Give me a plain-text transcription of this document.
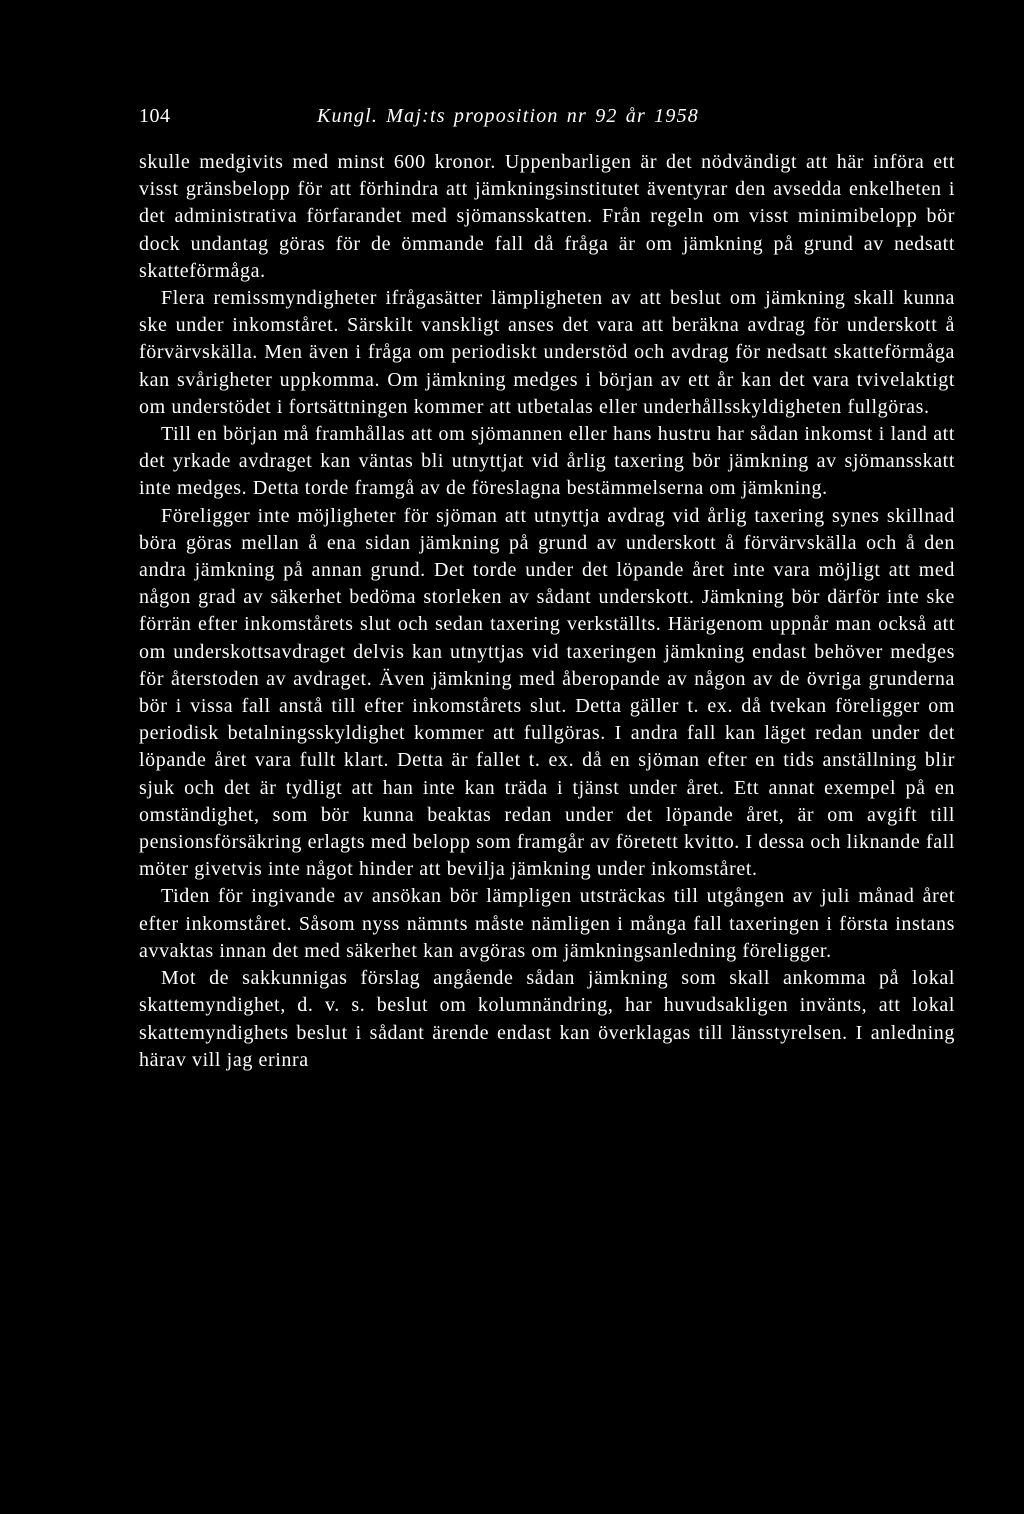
104	Kungl. Maj:ts proposition nr 92 år 1958

skulle medgivits med minst 600 kronor. Uppenbarligen är det nödvändigt att här införa ett visst gränsbelopp för att förhindra att jämkningsinstitutet äventyrar den avsedda enkelheten i det administrativa förfarandet med sjömansskatten. Från regeln om visst minimibelopp bör dock undantag göras för de ömmande fall då fråga är om jämkning på grund av nedsatt skatteförmåga.

Flera remissmyndigheter ifrågasätter lämpligheten av att beslut om jämkning skall kunna ske under inkomståret. Särskilt vanskligt anses det vara att beräkna avdrag för underskott å förvärvskälla. Men även i fråga om periodiskt understöd och avdrag för nedsatt skatteförmåga kan svårigheter uppkomma. Om jämkning medges i början av ett år kan det vara tvivelaktigt om understödet i fortsättningen kommer att utbetalas eller underhållsskyldigheten fullgöras.

Till en början må framhållas att om sjömannen eller hans hustru har sådan inkomst i land att det yrkade avdraget kan väntas bli utnyttjat vid årlig taxering bör jämkning av sjömansskatt inte medges. Detta torde framgå av de föreslagna bestämmelserna om jämkning.

Föreligger inte möjligheter för sjöman att utnyttja avdrag vid årlig taxering synes skillnad böra göras mellan å ena sidan jämkning på grund av underskott å förvärvskälla och å den andra jämkning på annan grund. Det torde under det löpande året inte vara möjligt att med någon grad av säkerhet bedöma storleken av sådant underskott. Jämkning bör därför inte ske förrän efter inkomstårets slut och sedan taxering verkställts. Härigenom uppnår man också att om underskottsavdraget delvis kan utnyttjas vid taxeringen jämkning endast behöver medges för återstoden av avdraget. Även jämkning med åberopande av någon av de övriga grunderna bör i vissa fall anstå till efter inkomstårets slut. Detta gäller t. ex. då tvekan föreligger om periodisk betalningsskyldighet kommer att fullgöras. I andra fall kan läget redan under det löpande året vara fullt klart. Detta är fallet t. ex. då en sjöman efter en tids anställning blir sjuk och det är tydligt att han inte kan träda i tjänst under året. Ett annat exempel på en omständighet, som bör kunna beaktas redan under det löpande året, är om avgift till pensionsförsäkring erlagts med belopp som framgår av företett kvitto. I dessa och liknande fall möter givetvis inte något hinder att bevilja jämkning under inkomståret.

Tiden för ingivande av ansökan bör lämpligen utsträckas till utgången av juli månad året efter inkomståret. Såsom nyss nämnts måste nämligen i många fall taxeringen i första instans avvaktas innan det med säkerhet kan avgöras om jämkningsanledning föreligger.

Mot de sakkunnigas förslag angående sådan jämkning som skall ankomma på lokal skattemyndighet, d. v. s. beslut om kolumnändring, har huvudsakligen invänts, att lokal skattemyndighets beslut i sådant ärende endast kan överklagas till länsstyrelsen. I anledning härav vill jag erinra
